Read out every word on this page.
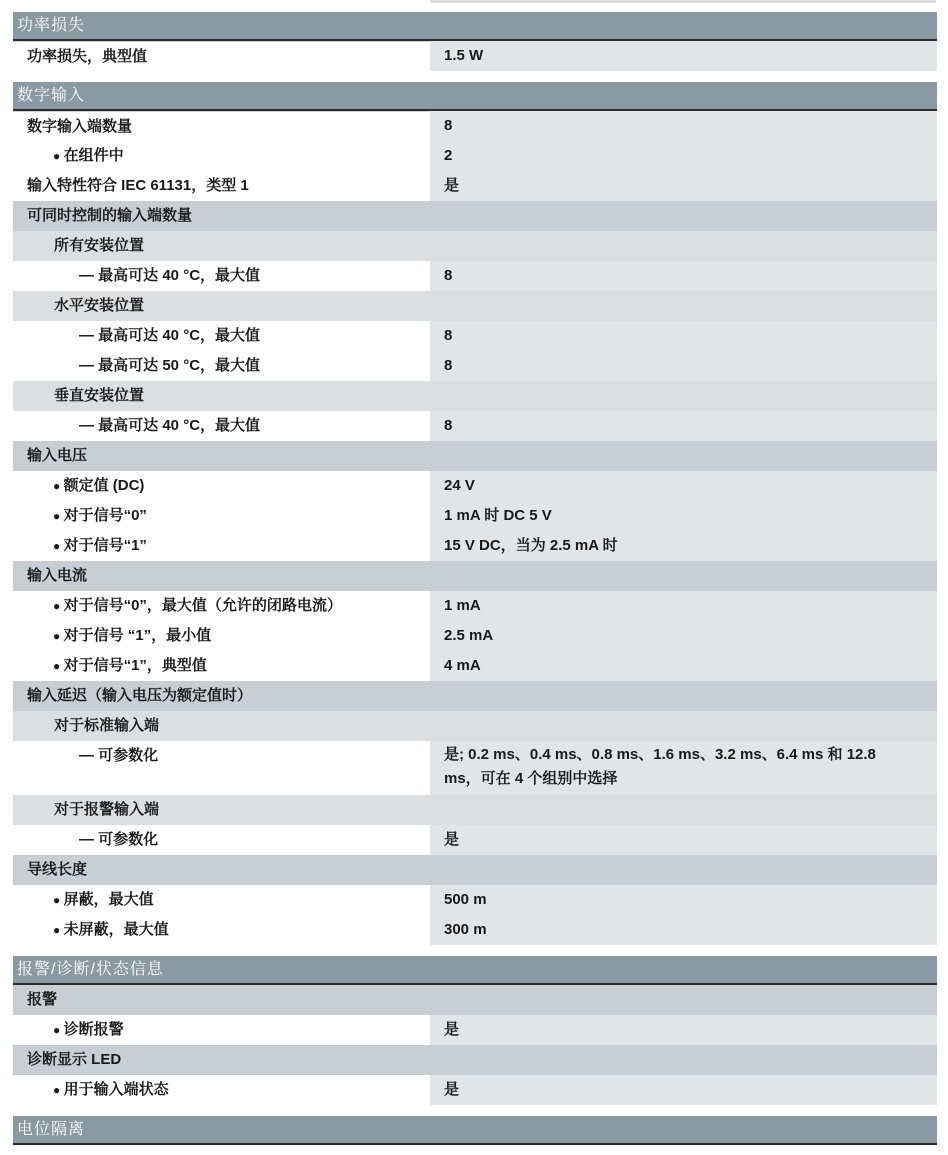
功率损失
功率损失，典型值	1.5 W
数字输入
数字输入端数量	8
● 在组件中	2
输入特性符合 IEC 61131，类型 1	是
可同时控制的输入端数量
所有安装位置
— 最高可达 40 °C，最大值	8
水平安装位置
— 最高可达 40 °C，最大值	8
— 最高可达 50 °C，最大值	8
垂直安装位置
— 最高可达 40 °C，最大值	8
输入电压
● 额定值 (DC)	24 V
● 对于信号“0”	1 mA 时 DC 5 V
● 对于信号“1”	15 V DC，当为 2.5 mA 时
输入电流
● 对于信号“0”，最大值（允许的闭路电流）	1 mA
● 对于信号 “1”，最小值	2.5 mA
● 对于信号“1”，典型值	4 mA
输入延迟（输入电压为额定值时）
对于标准输入端
— 可参数化	是; 0.2 ms、0.4 ms、0.8 ms、1.6 ms、3.2 ms、6.4 ms 和 12.8 ms，可在 4 个组别中选择
对于报警输入端
— 可参数化	是
导线长度
● 屏蔽，最大值	500 m
● 未屏蔽，最大值	300 m
报警/诊断/状态信息
报警
● 诊断报警	是
诊断显示 LED
● 用于输入端状态	是
电位隔离
